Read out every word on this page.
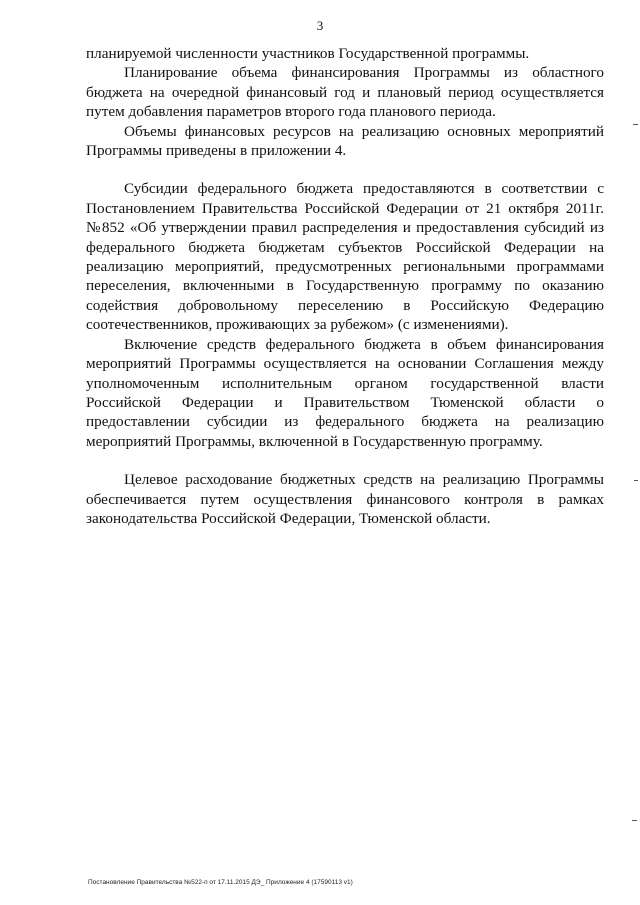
3

планируемой численности участников Государственной программы.

Планирование объема финансирования Программы из областного бюджета на очередной финансовый год и плановый период осуществляется путем добавления параметров второго года планового периода.

Объемы финансовых ресурсов на реализацию основных мероприятий Программы приведены в приложении 4.

Субсидии федерального бюджета предоставляются в соответствии с Постановлением Правительства Российской Федерации от 21 октября 2011г. №852 «Об утверждении правил распределения и предоставления субсидий из федерального бюджета бюджетам субъектов Российской Федерации на реализацию мероприятий, предусмотренных региональными программами переселения, включенными в Государственную программу по оказанию содействия добровольному переселению в Российскую Федерацию соотечественников, проживающих за рубежом» (с изменениями).

Включение средств федерального бюджета в объем финансирования мероприятий Программы осуществляется на основании Соглашения между уполномоченным исполнительным органом государственной власти Российской Федерации и Правительством Тюменской области о предоставлении субсидии из федерального бюджета на реализацию мероприятий Программы, включенной в Государственную программу.

Целевое расходование бюджетных средств на реализацию Программы обеспечивается путем осуществления финансового контроля в рамках законодательства Российской Федерации, Тюменской области.

Постановление Правительства №522-п от 17.11.2015 ДЭ_ Приложение 4 (17590113 v1)
